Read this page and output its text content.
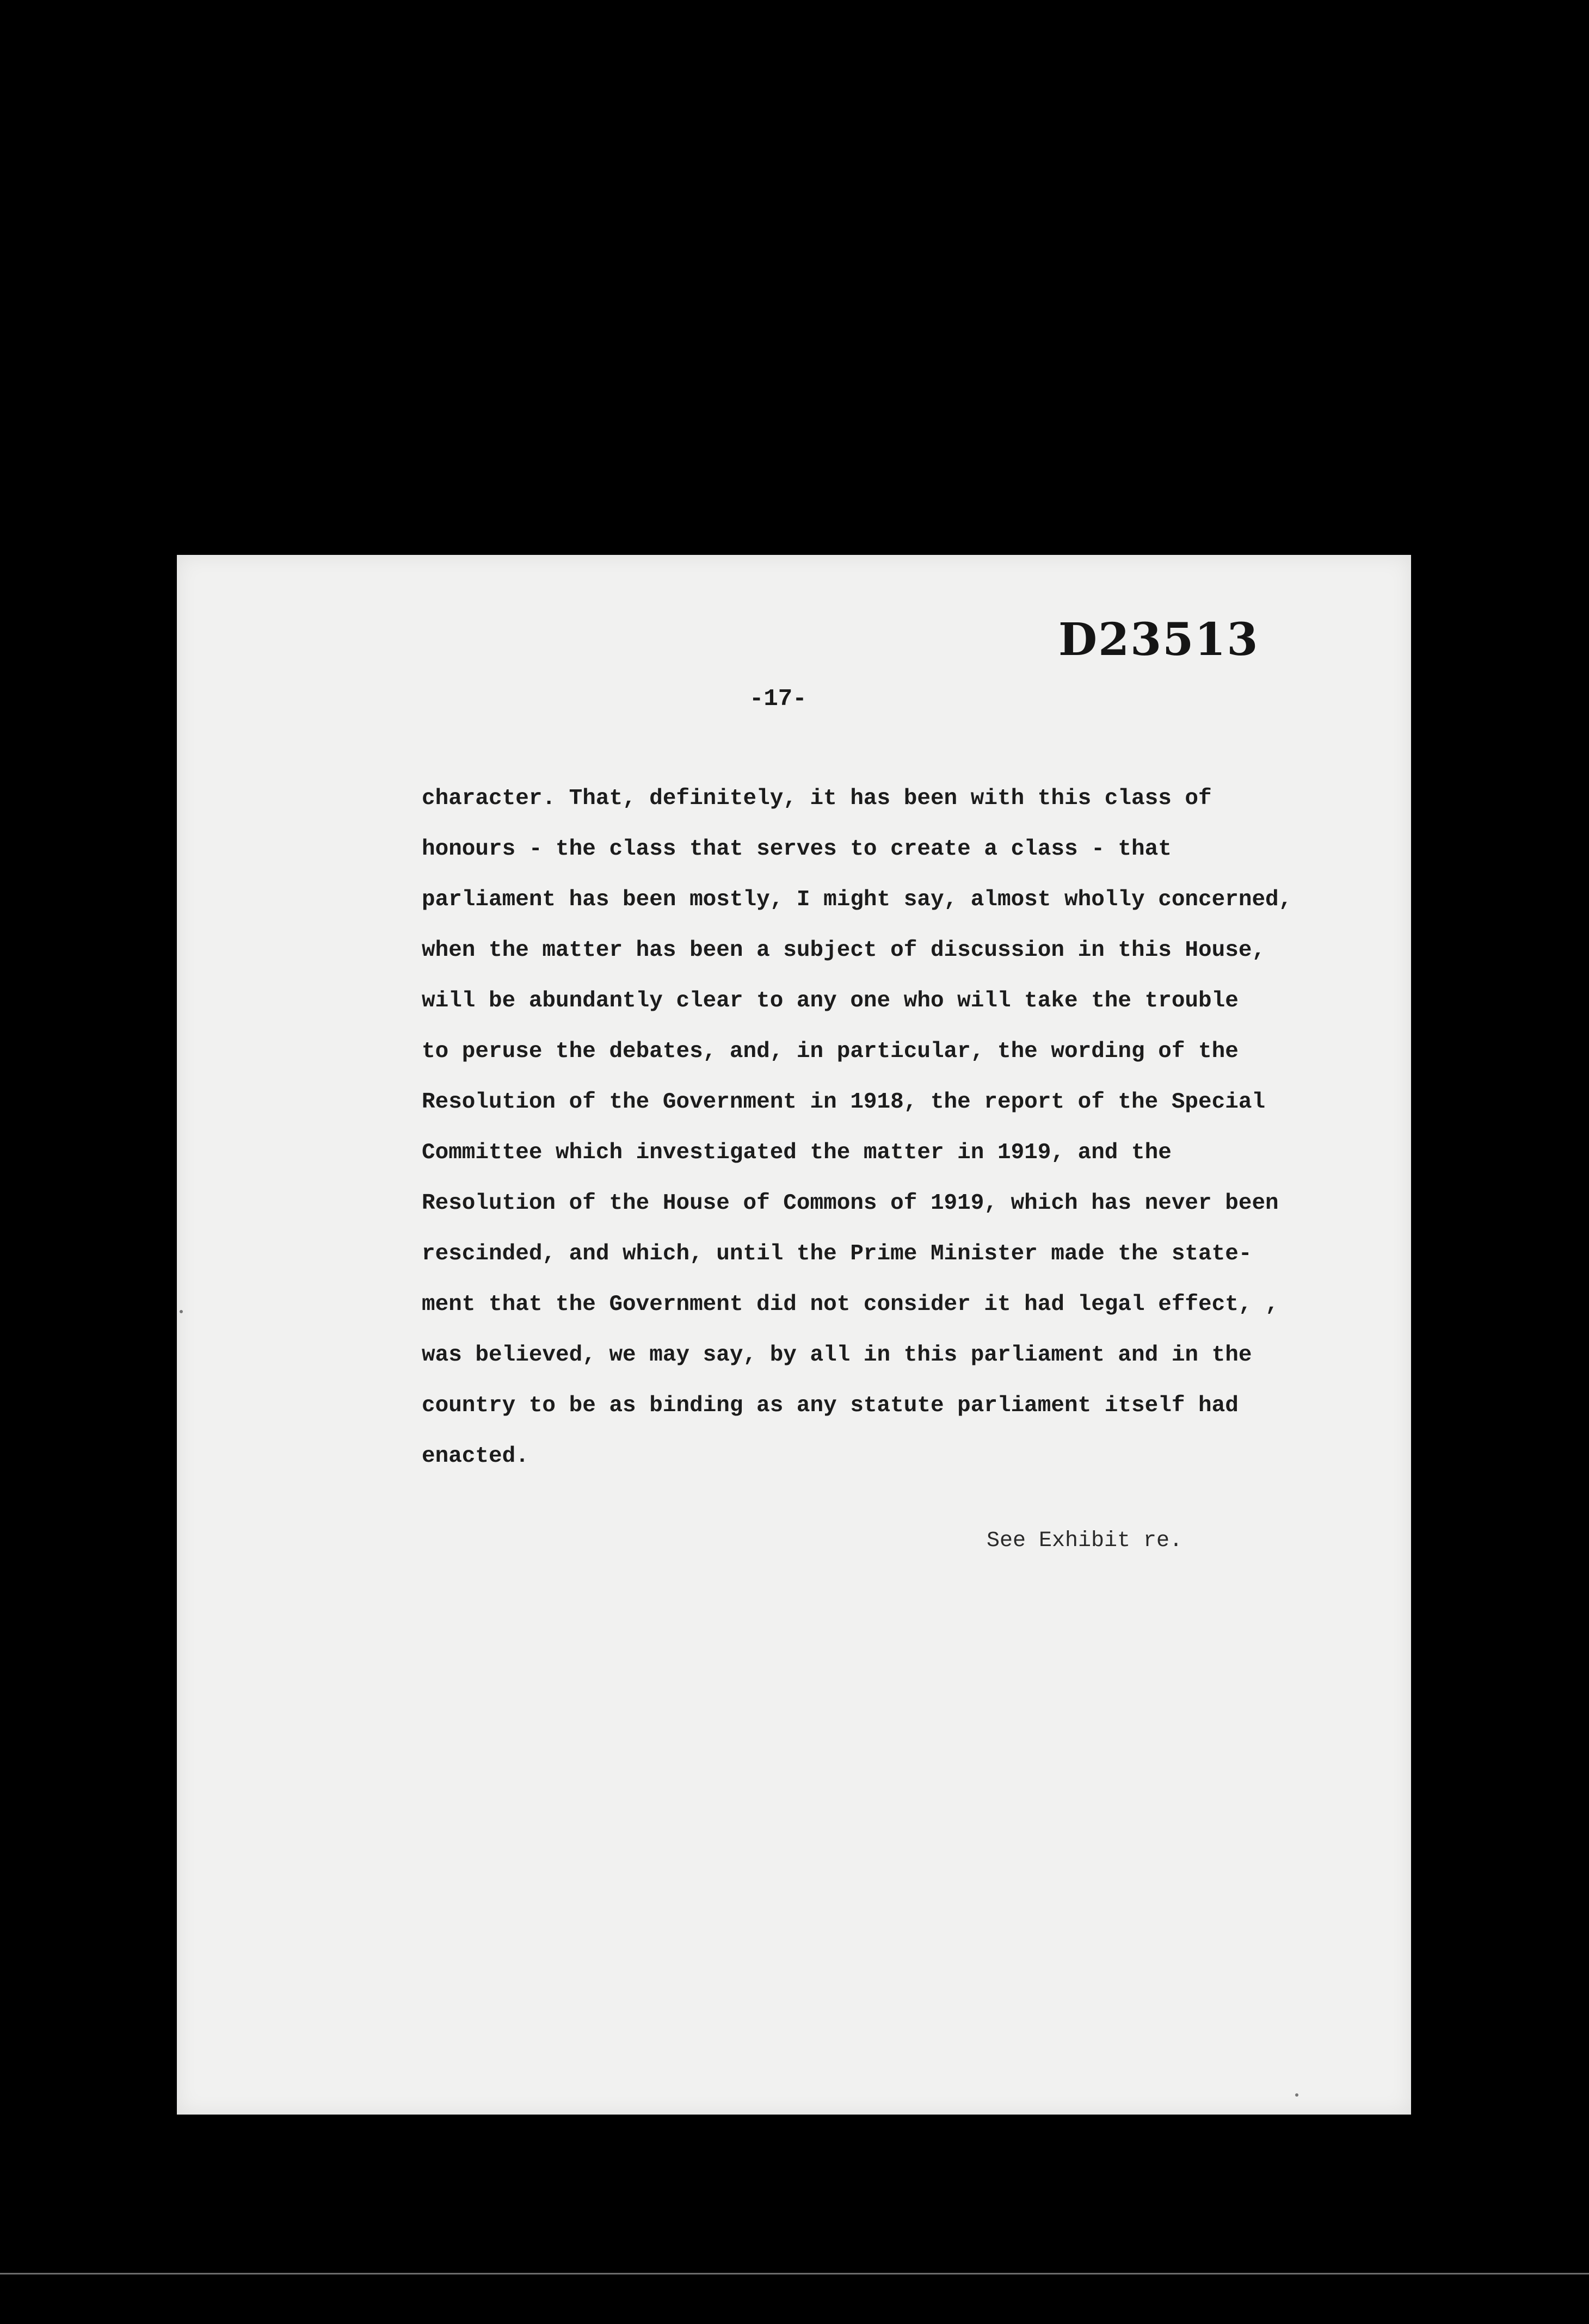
D23513
-17-
character. That, definitely, it has been with this class of
honours - the class that serves to create a class - that
parliament has been mostly, I might say, almost wholly concerned,
when the matter has been a subject of discussion in this House,
will be abundantly clear to any one who will take the trouble
to peruse the debates, and, in particular, the wording of the
Resolution of the Government in 1918, the report of the Special
Committee which investigated the matter in 1919, and the
Resolution of the House of Commons of 1919, which has never been
rescinded, and which, until the Prime Minister made the state-
ment that the Government did not consider it had legal effect, ,
was believed, we may say, by all in this parliament and in the
country to be as binding as any statute parliament itself had
enacted.
See Exhibit re.
